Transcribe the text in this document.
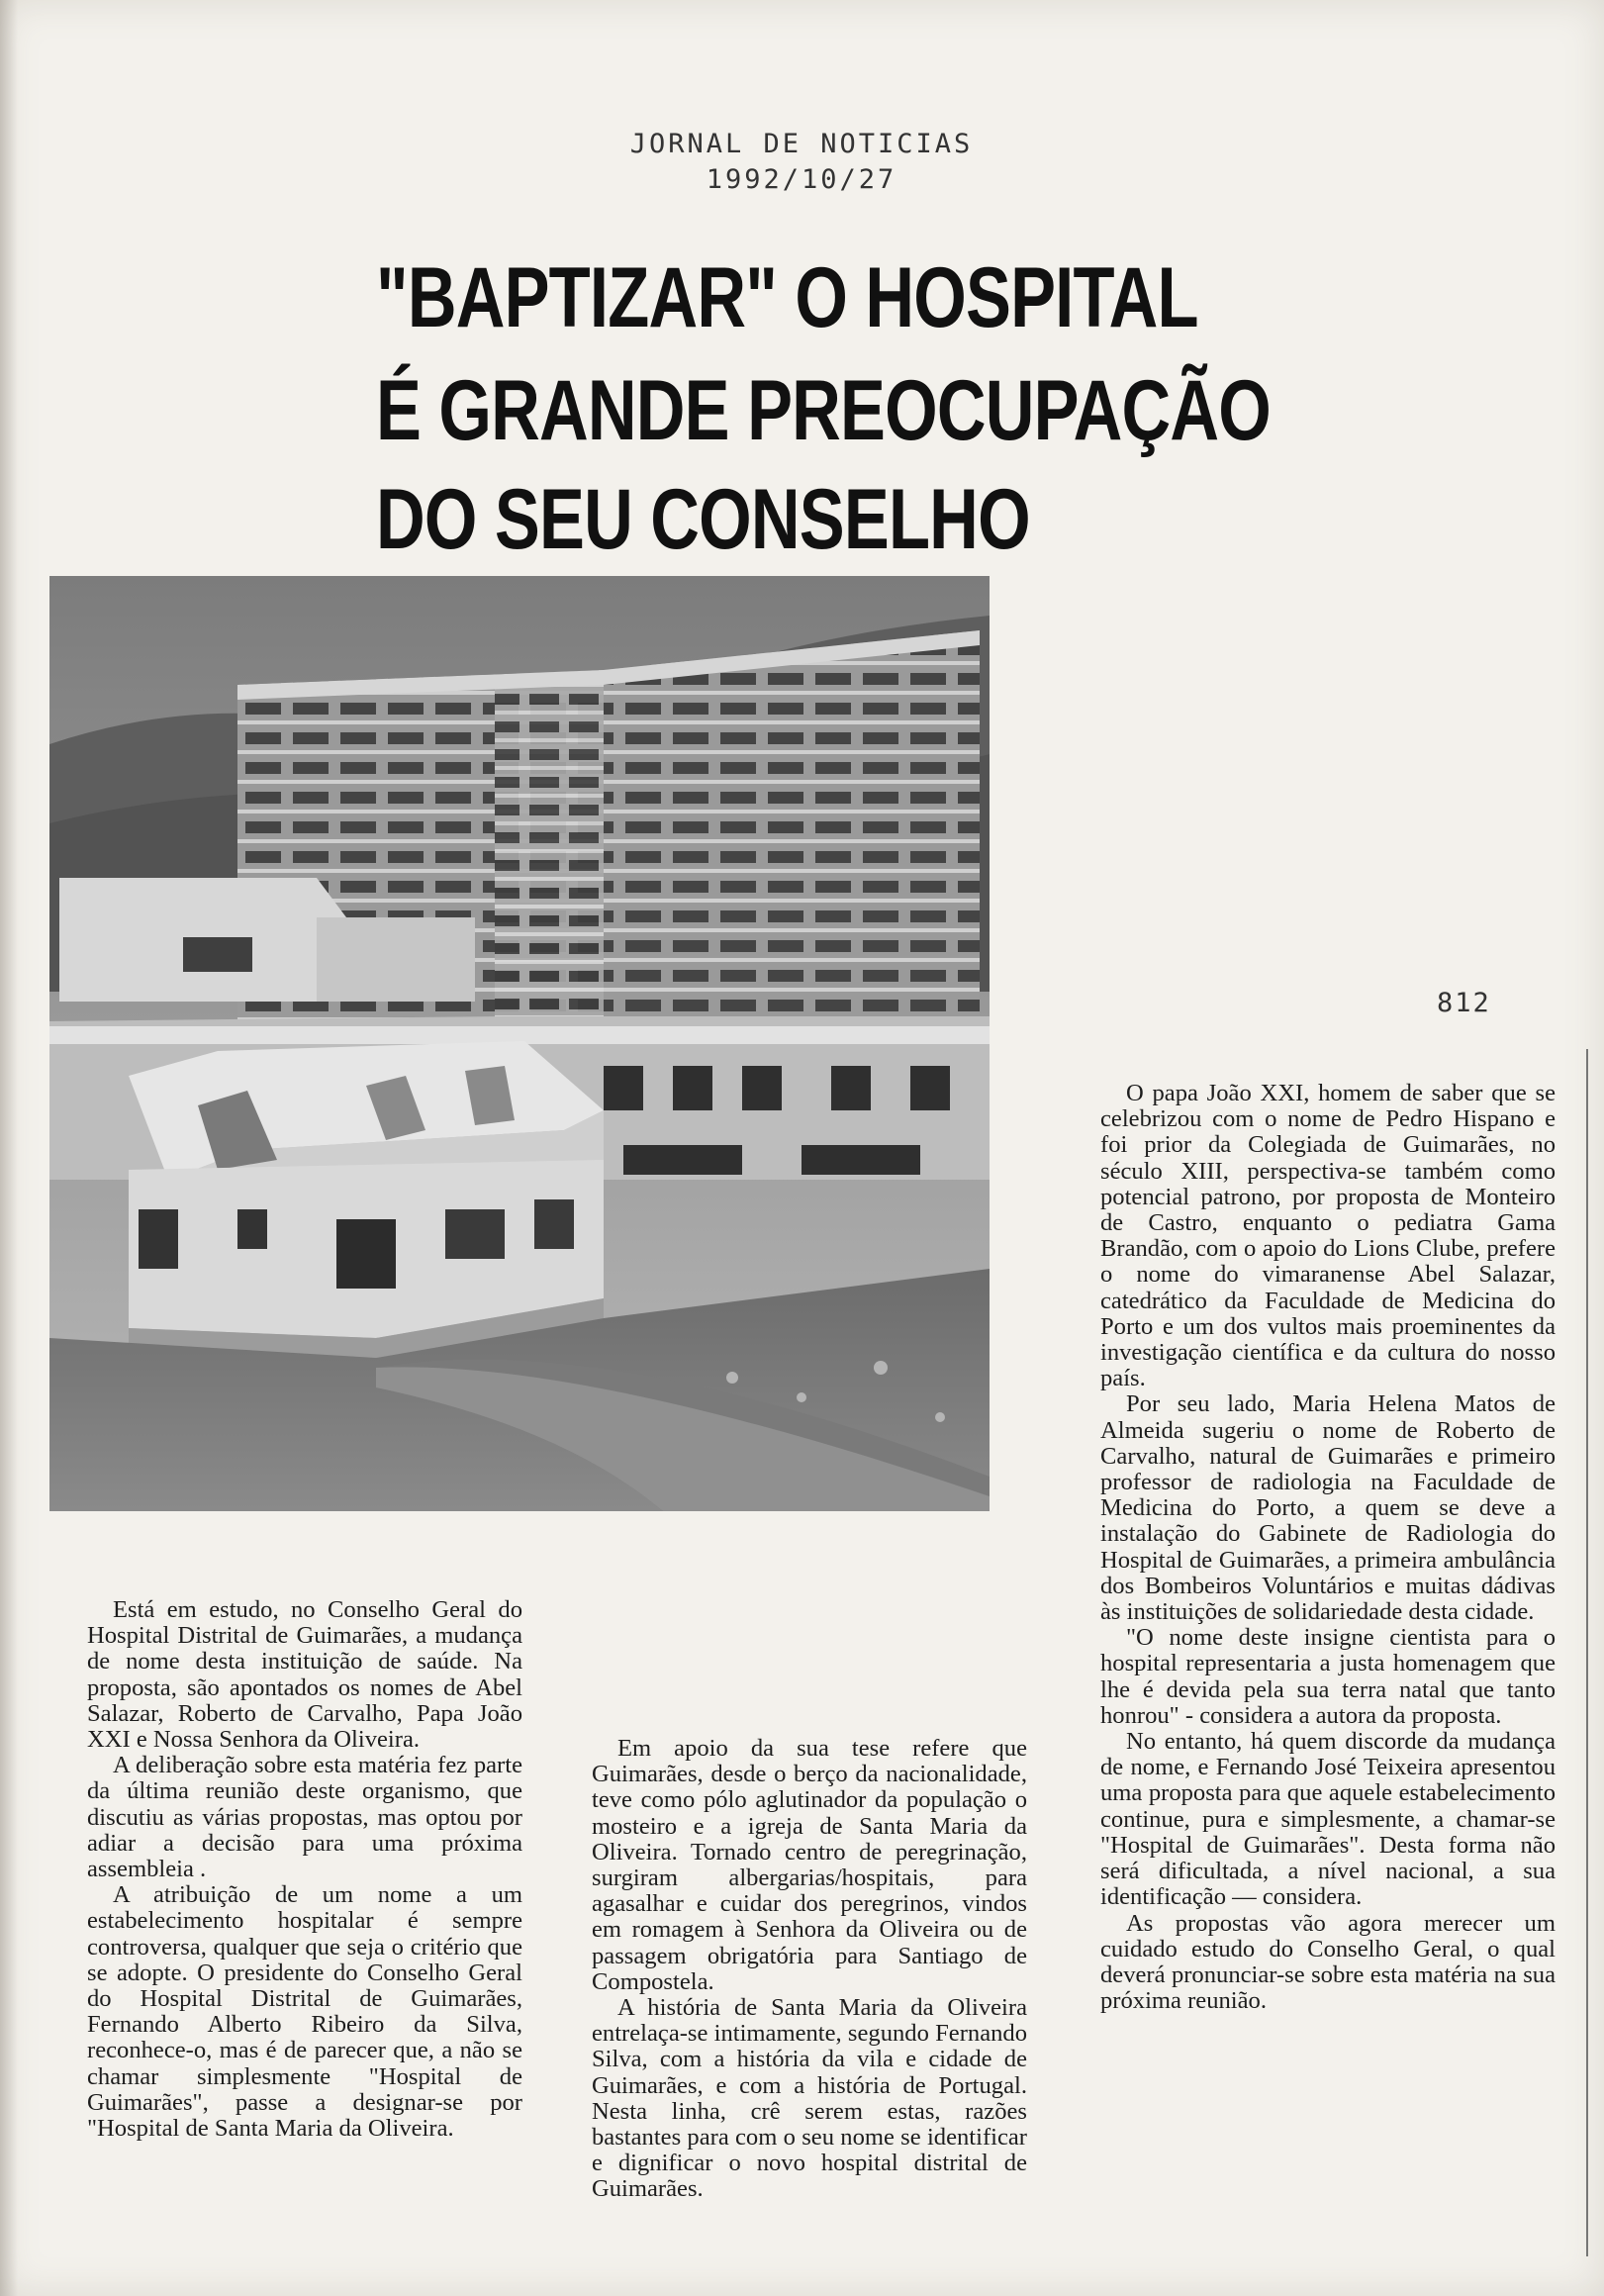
JORNAL DE NOTICIAS
1992/10/27
"BAPTIZAR" O HOSPITAL
É GRANDE PREOCUPAÇÃO
DO SEU CONSELHO
812

Está em estudo, no Conselho Geral do Hospital Distrital de Guimarães, a mudança de nome desta instituição de saúde. Na proposta, são apontados os nomes de Abel Salazar, Roberto de Carvalho, Papa João XXI e Nossa Senhora da Oliveira.

A deliberação sobre esta matéria fez parte da última reunião deste organismo, que discutiu as várias propostas, mas optou por adiar a decisão para uma próxima assembleia .

A atribuição de um nome a um estabelecimento hospitalar é sempre controversa, qualquer que seja o critério que se adopte. O presidente do Conselho Geral do Hospital Distrital de Guimarães, Fernando Alberto Ribeiro da Silva, reconhece-o, mas é de parecer que, a não se chamar simplesmente "Hospital de Guimarães", passe a designar-se por "Hospital de Santa Maria da Oliveira.

Em apoio da sua tese refere que Guimarães, desde o berço da nacionalidade, teve como pólo aglutinador da população o mosteiro e a igreja de Santa Maria da Oliveira. Tornado centro de peregrinação, surgiram albergarias/hospitais, para agasalhar e cuidar dos peregrinos, vindos em romagem à Senhora da Oliveira ou de passagem obrigatória para Santiago de Compostela.

A história de Santa Maria da Oliveira entrelaça-se intimamente, segundo Fernando Silva, com a história da vila e cidade de Guimarães, e com a história de Portugal. Nesta linha, crê serem estas, razões bastantes para com o seu nome se identificar e dignificar o novo hospital distrital de Guimarães.

O papa João XXI, homem de saber que se celebrizou com o nome de Pedro Hispano e foi prior da Colegiada de Guimarães, no século XIII, perspectiva-se também como potencial patrono, por proposta de Monteiro de Castro, enquanto o pediatra Gama Brandão, com o apoio do Lions Clube, prefere o nome do vimaranense Abel Salazar, catedrático da Faculdade de Medicina do Porto e um dos vultos mais proeminentes da investigação científica e da cultura do nosso país.

Por seu lado, Maria Helena Matos de Almeida sugeriu o nome de Roberto de Carvalho, natural de Guimarães e primeiro professor de radiologia na Faculdade de Medicina do Porto, a quem se deve a instalação do Gabinete de Radiologia do Hospital de Guimarães, a primeira ambulância dos Bombeiros Voluntários e muitas dádivas às instituições de solidariedade desta cidade.

"O nome deste insigne cientista para o hospital representaria a justa homenagem que lhe é devida pela sua terra natal que tanto honrou" - considera a autora da proposta.

No entanto, há quem discorde da mudança de nome, e Fernando José Teixeira apresentou uma proposta para que aquele estabelecimento continue, pura e simplesmente, a chamar-se "Hospital de Guimarães". Desta forma não será dificultada, a nível nacional, a sua identificação — considera.

As propostas vão agora merecer um cuidado estudo do Conselho Geral, o qual deverá pronunciar-se sobre esta matéria na sua próxima reunião.
